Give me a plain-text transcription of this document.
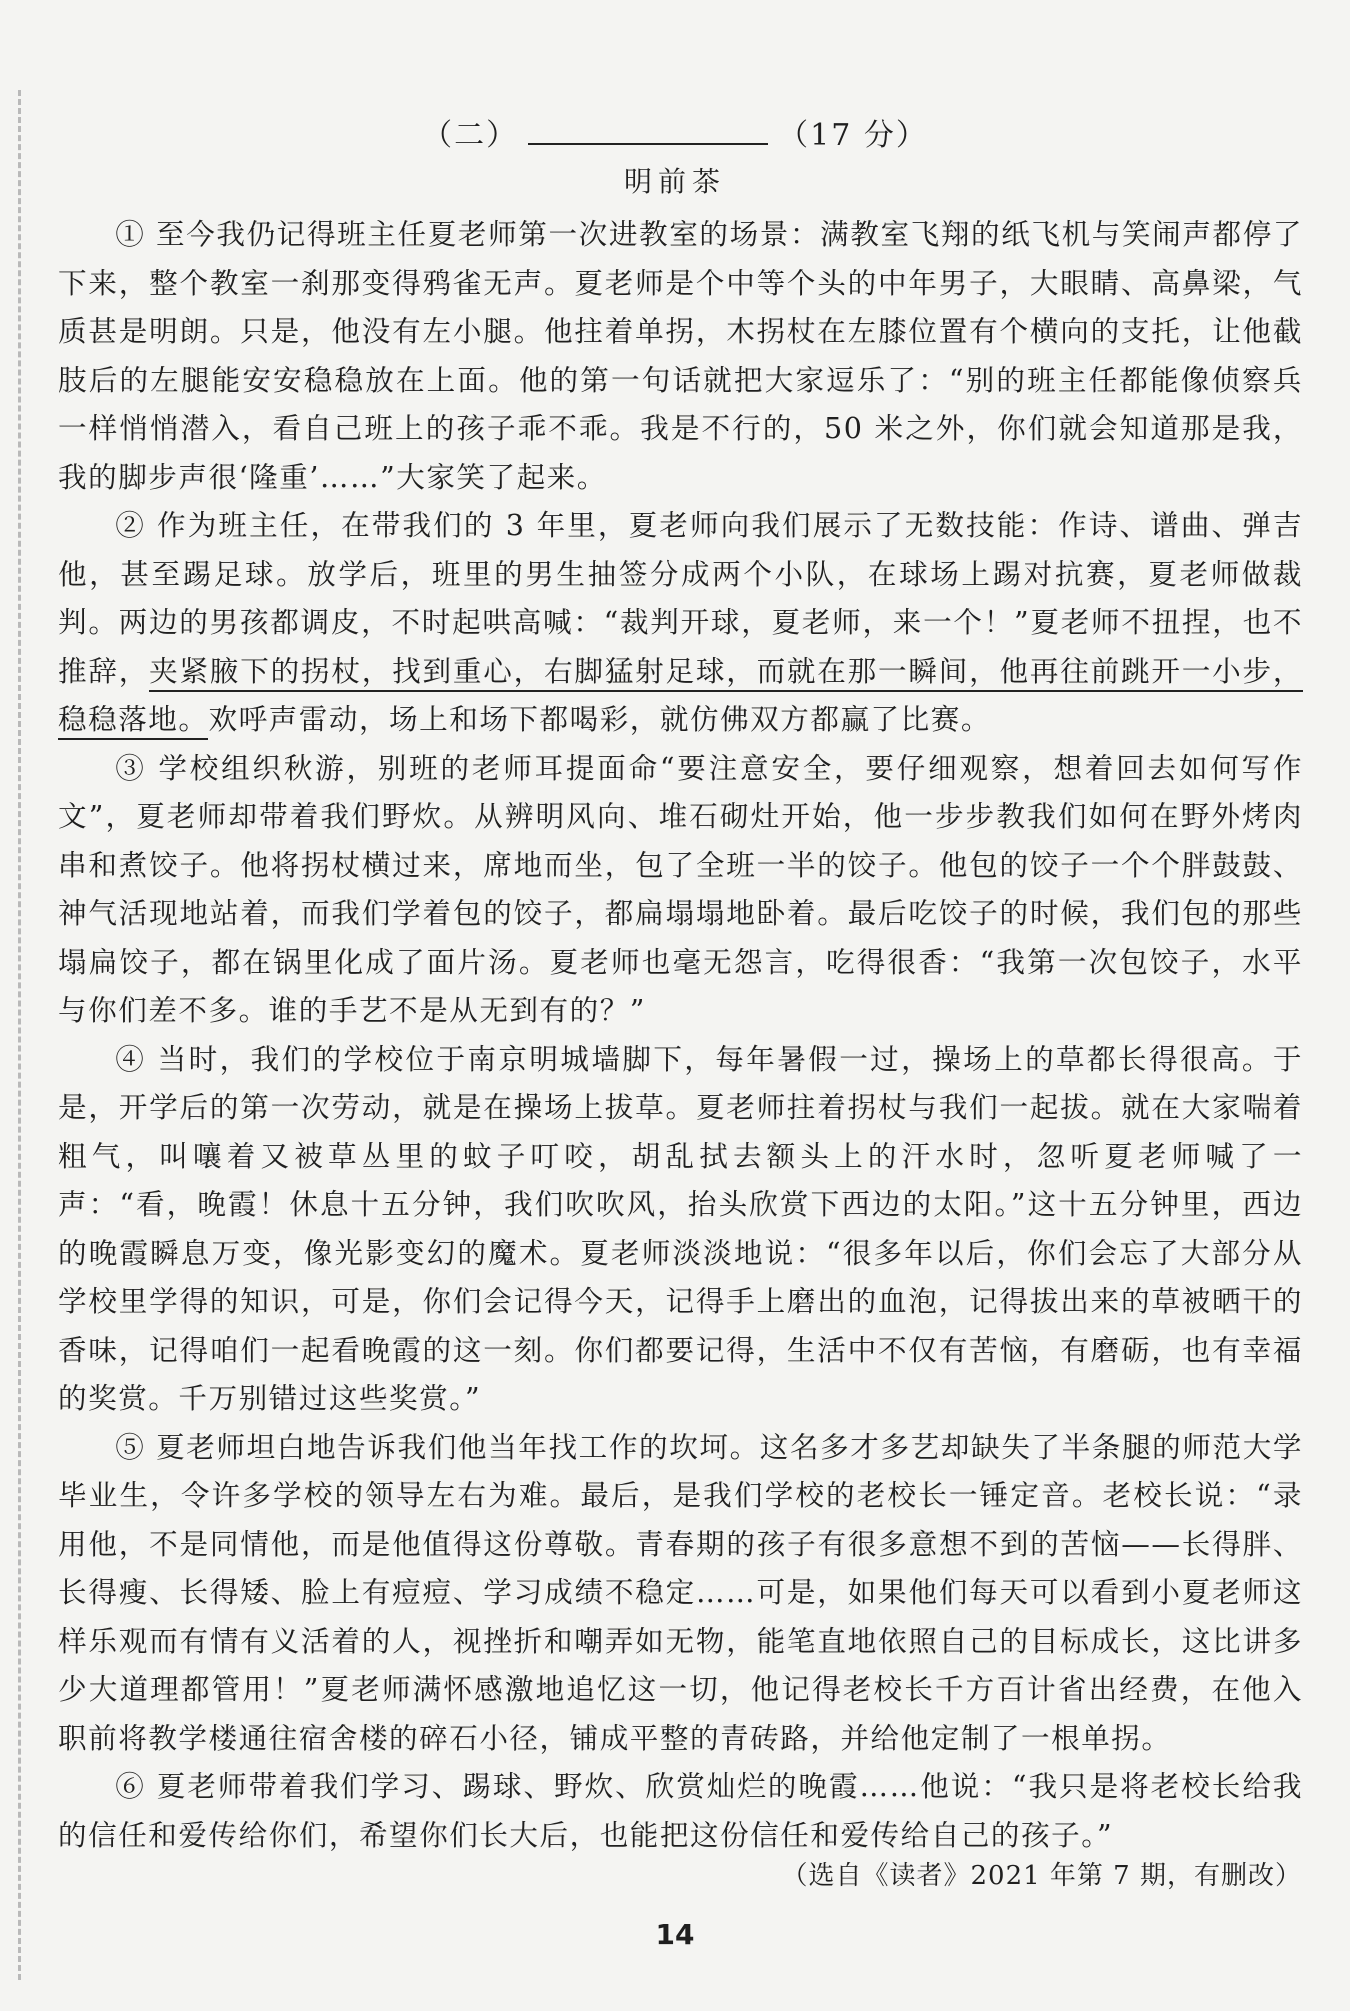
（二）	（17 分）
明前茶

① 至今我仍记得班主任夏老师第一次进教室的场景：满教室飞翔的纸飞机与笑闹声都停了下来，整个教室一刹那变得鸦雀无声。夏老师是个中等个头的中年男子，大眼睛、高鼻梁，气质甚是明朗。只是，他没有左小腿。他拄着单拐，木拐杖在左膝位置有个横向的支托，让他截肢后的左腿能安安稳稳放在上面。他的第一句话就把大家逗乐了：“别的班主任都能像侦察兵一样悄悄潜入，看自己班上的孩子乖不乖。我是不行的，50 米之外，你们就会知道那是我，我的脚步声很‘隆重’……”大家笑了起来。

② 作为班主任，在带我们的 3 年里，夏老师向我们展示了无数技能：作诗、谱曲、弹吉他，甚至踢足球。放学后，班里的男生抽签分成两个小队，在球场上踢对抗赛，夏老师做裁判。两边的男孩都调皮，不时起哄高喊：“裁判开球，夏老师，来一个！”夏老师不扭捏，也不推辞，夹紧腋下的拐杖，找到重心，右脚猛射足球，而就在那一瞬间，他再往前跳开一小步，稳稳落地。欢呼声雷动，场上和场下都喝彩，就仿佛双方都赢了比赛。

③ 学校组织秋游，别班的老师耳提面命“要注意安全，要仔细观察，想着回去如何写作文”，夏老师却带着我们野炊。从辨明风向、堆石砌灶开始，他一步步教我们如何在野外烤肉串和煮饺子。他将拐杖横过来，席地而坐，包了全班一半的饺子。他包的饺子一个个胖鼓鼓、神气活现地站着，而我们学着包的饺子，都扁塌塌地卧着。最后吃饺子的时候，我们包的那些塌扁饺子，都在锅里化成了面片汤。夏老师也毫无怨言，吃得很香：“我第一次包饺子，水平与你们差不多。谁的手艺不是从无到有的？”

④ 当时，我们的学校位于南京明城墙脚下，每年暑假一过，操场上的草都长得很高。于是，开学后的第一次劳动，就是在操场上拔草。夏老师拄着拐杖与我们一起拔。就在大家喘着粗气，叫嚷着又被草丛里的蚊子叮咬，胡乱拭去额头上的汗水时，忽听夏老师喊了一声：“看，晚霞！休息十五分钟，我们吹吹风，抬头欣赏下西边的太阳。”这十五分钟里，西边的晚霞瞬息万变，像光影变幻的魔术。夏老师淡淡地说：“很多年以后，你们会忘了大部分从学校里学得的知识，可是，你们会记得今天，记得手上磨出的血泡，记得拔出来的草被晒干的香味，记得咱们一起看晚霞的这一刻。你们都要记得，生活中不仅有苦恼，有磨砺，也有幸福的奖赏。千万别错过这些奖赏。”

⑤ 夏老师坦白地告诉我们他当年找工作的坎坷。这名多才多艺却缺失了半条腿的师范大学毕业生，令许多学校的领导左右为难。最后，是我们学校的老校长一锤定音。老校长说：“录用他，不是同情他，而是他值得这份尊敬。青春期的孩子有很多意想不到的苦恼——长得胖、长得瘦、长得矮、脸上有痘痘、学习成绩不稳定……可是，如果他们每天可以看到小夏老师这样乐观而有情有义活着的人，视挫折和嘲弄如无物，能笔直地依照自己的目标成长，这比讲多少大道理都管用！”夏老师满怀感激地追忆这一切，他记得老校长千方百计省出经费，在他入职前将教学楼通往宿舍楼的碎石小径，铺成平整的青砖路，并给他定制了一根单拐。

⑥ 夏老师带着我们学习、踢球、野炊、欣赏灿烂的晚霞……他说：“我只是将老校长给我的信任和爱传给你们，希望你们长大后，也能把这份信任和爱传给自己的孩子。”

（选自《读者》2021 年第 7 期，有删改）
14
